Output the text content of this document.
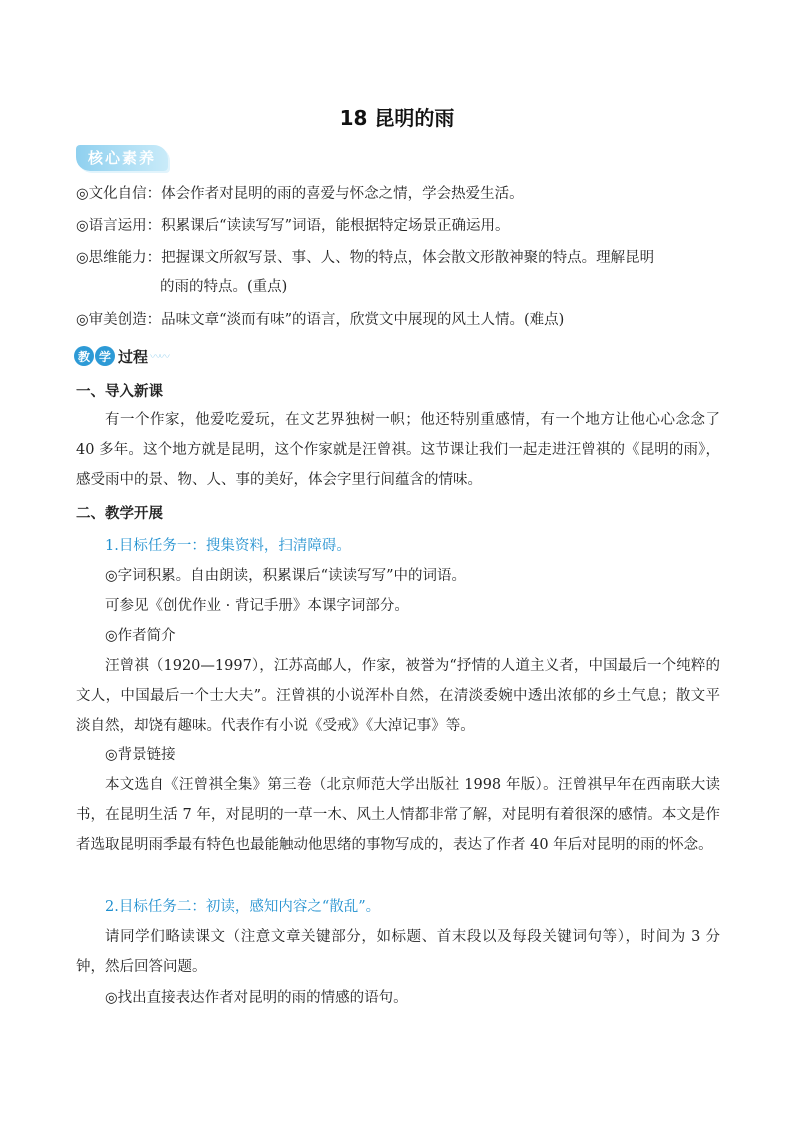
18 昆明的雨
核心素养
◎文化自信：体会作者对昆明的雨的喜爱与怀念之情，学会热爱生活。
◎语言运用：积累课后“读读写写”词语，能根据特定场景正确运用。
◎思维能力：把握课文所叙写景、事、人、物的特点，体会散文形散神聚的特点。理解昆明
的雨的特点。(重点)
◎审美创造：品味文章“淡而有味”的语言，欣赏文中展现的风土人情。(难点)
教 学 过程 〰〰
一、导入新课
有一个作家，他爱吃爱玩，在文艺界独树一帜；他还特别重感情，有一个地方让他心心念念了 40 多年。这个地方就是昆明，这个作家就是汪曾祺。这节课让我们一起走进汪曾祺的《昆明的雨》，感受雨中的景、物、人、事的美好，体会字里行间蕴含的情味。
二、教学开展
1.目标任务一：搜集资料，扫清障碍。
◎字词积累。自由朗读，积累课后“读读写写”中的词语。
可参见《创优作业 · 背记手册》本课字词部分。
◎作者简介
汪曾祺（1920—1997），江苏高邮人，作家，被誉为“抒情的人道主义者，中国最后一个纯粹的文人，中国最后一个士大夫”。汪曾祺的小说浑朴自然，在清淡委婉中透出浓郁的乡土气息；散文平淡自然，却饶有趣味。代表作有小说《受戒》《大淖记事》等。
◎背景链接
本文选自《汪曾祺全集》第三卷（北京师范大学出版社 1998 年版）。汪曾祺早年在西南联大读书，在昆明生活 7 年，对昆明的一草一木、风土人情都非常了解，对昆明有着很深的感情。本文是作者选取昆明雨季最有特色也最能触动他思绪的事物写成的，表达了作者 40 年后对昆明的雨的怀念。
2.目标任务二：初读，感知内容之“散乱”。
请同学们略读课文（注意文章关键部分，如标题、首末段以及每段关键词句等），时间为 3 分钟，然后回答问题。
◎找出直接表达作者对昆明的雨的情感的语句。
